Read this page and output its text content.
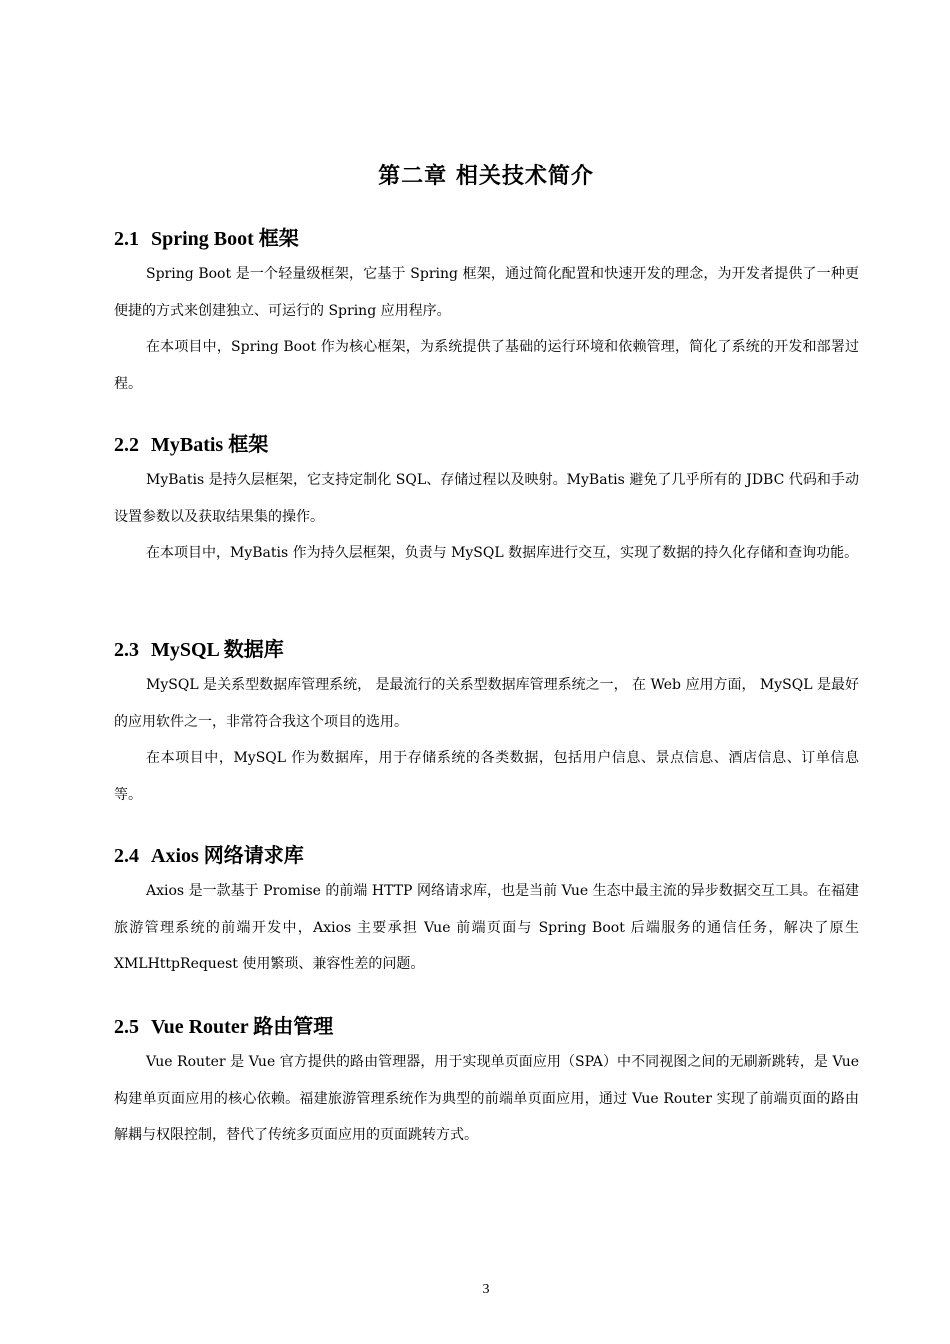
第二章 相关技术简介
2.1 Spring Boot 框架

Spring Boot 是一个轻量级框架，它基于 Spring 框架，通过简化配置和快速开发的理念，为开发者提供了一种更便捷的方式来创建独立、可运行的 Spring 应用程序。

在本项目中，Spring Boot 作为核心框架，为系统提供了基础的运行环境和依赖管理，简化了系统的开发和部署过程。

2.2 MyBatis 框架

MyBatis 是持久层框架，它支持定制化 SQL、存储过程以及映射。MyBatis 避免了几乎所有的 JDBC 代码和手动设置参数以及获取结果集的操作。

在本项目中，MyBatis 作为持久层框架，负责与 MySQL 数据库进行交互，实现了数据的持久化存储和查询功能。

2.3 MySQL 数据库

MySQL 是关系型数据库管理系统， 是最流行的关系型数据库管理系统之一， 在 Web 应用方面， MySQL 是最好的应用软件之一，非常符合我这个项目的选用。

在本项目中，MySQL 作为数据库，用于存储系统的各类数据，包括用户信息、景点信息、酒店信息、订单信息等。

2.4 Axios 网络请求库

Axios 是一款基于 Promise 的前端 HTTP 网络请求库，也是当前 Vue 生态中最主流的异步数据交互工具。在福建旅游管理系统的前端开发中，Axios 主要承担 Vue 前端页面与 Spring Boot 后端服务的通信任务，解决了原生 XMLHttpRequest 使用繁琐、兼容性差的问题。

2.5 Vue Router 路由管理

Vue Router 是 Vue 官方提供的路由管理器，用于实现单页面应用（SPA）中不同视图之间的无刷新跳转，是 Vue 构建单页面应用的核心依赖。福建旅游管理系统作为典型的前端单页面应用，通过 Vue Router 实现了前端页面的路由解耦与权限控制，替代了传统多页面应用的页面跳转方式。

3
